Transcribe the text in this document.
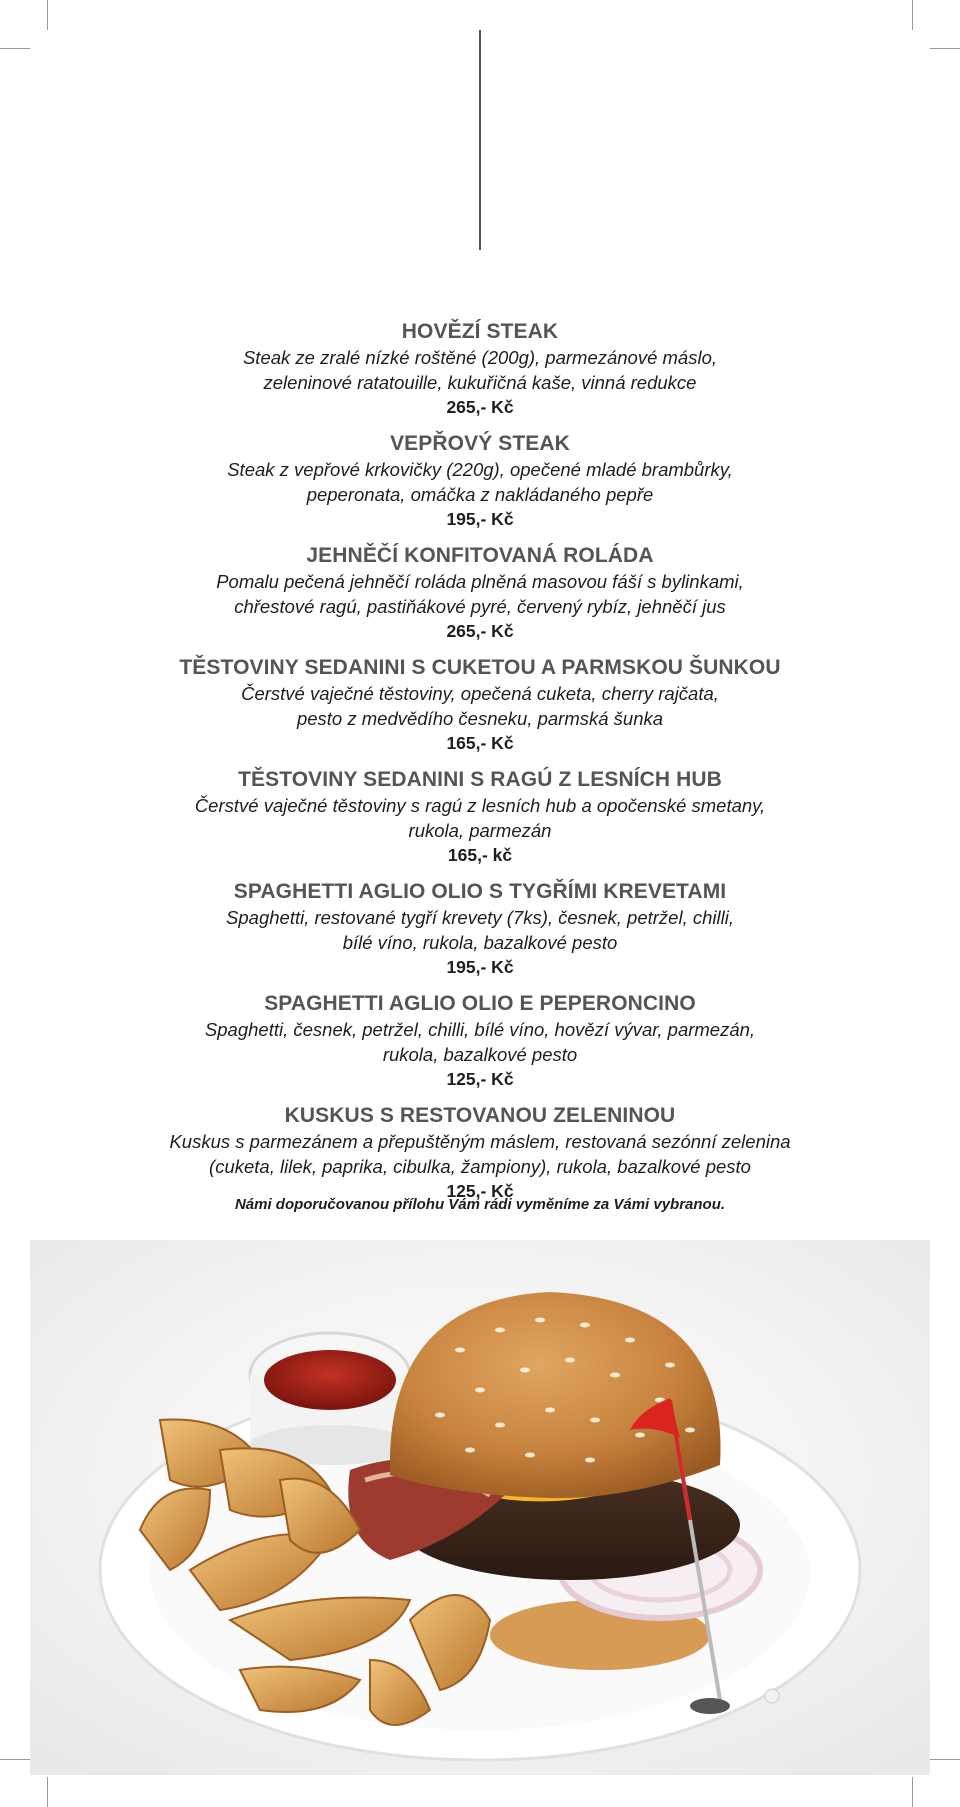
HOVĚZÍ STEAK
Steak ze zralé nízké roštěné (200g), parmezánové máslo,
zeleninové ratatouille, kukuřičná kaše, vinná redukce
265,- Kč
VEPŘOVÝ STEAK
Steak z vepřové krkovičky (220g), opečené mladé brambůrky,
peperonata, omáčka z nakládaného pepře
195,- Kč
JEHNĚČÍ KONFITOVANÁ ROLÁDA
Pomalu pečená jehněčí roláda plněná masovou fáší s bylinkami,
chřestové ragú, pastiňákové pyré, červený rybíz, jehněčí jus
265,- Kč
TĚSTOVINY SEDANINI S CUKETOU A PARMSKOU ŠUNKOU
Čerstvé vaječné těstoviny, opečená cuketa, cherry rajčata,
pesto z medvědího česneku, parmská šunka
165,- Kč
TĚSTOVINY SEDANINI S RAGÚ Z LESNÍCH HUB
Čerstvé vaječné těstoviny s ragú z lesních hub a opočenské smetany,
rukola, parmezán
165,- kč
SPAGHETTI AGLIO OLIO S TYGŘÍMI KREVETAMI
Spaghetti, restované tygří krevety (7ks), česnek, petržel, chilli,
bílé víno, rukola, bazalkové pesto
195,- Kč
SPAGHETTI AGLIO OLIO E PEPERONCINO
Spaghetti, česnek, petržel, chilli, bílé víno, hovězí vývar, parmezán,
rukola, bazalkové pesto
125,- Kč
KUSKUS S RESTOVANOU ZELENINOU
Kuskus s parmezánem a přepuštěným máslem, restovaná sezónní zelenina
(cuketa, lilek, paprika, cibulka, žampiony), rukola, bazalkové pesto
125,- Kč
Námi doporučovanou přílohu Vám rádi vyměníme za Vámi vybranou.
